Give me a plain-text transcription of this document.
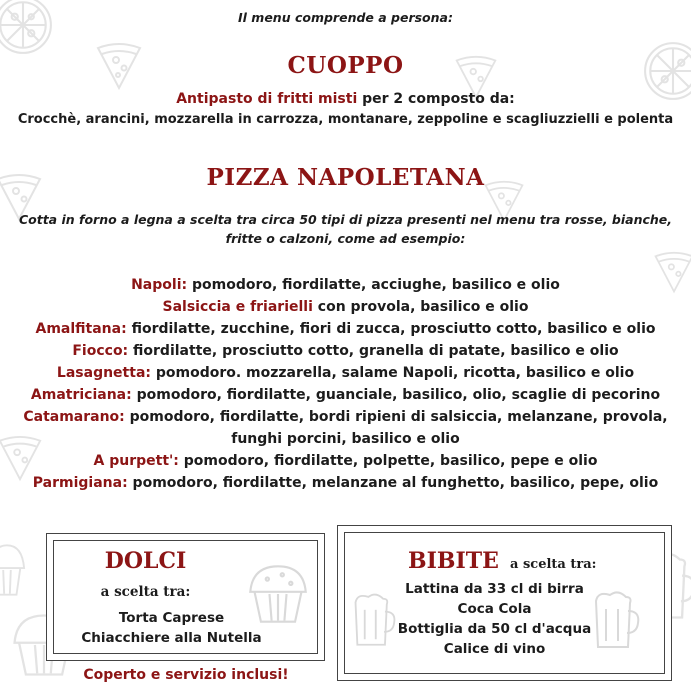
Il menu comprende a persona:
CUOPPO
Antipasto di fritti misti per 2 composto da:
Crocchè, arancini, mozzarella in carrozza, montanare, zeppoline e scagliuzzielli e polenta
PIZZA NAPOLETANA
Cotta in forno a legna a scelta tra circa 50 tipi di pizza presenti nel menu tra rosse, bianche,
fritte o calzoni, come ad esempio:
Napoli: pomodoro, fiordilatte, acciughe, basilico e olio
Salsiccia e friarielli con provola, basilico e olio
Amalfitana: fiordilatte, zucchine, fiori di zucca, prosciutto cotto, basilico e olio
Fiocco: fiordilatte, prosciutto cotto, granella di patate, basilico e olio
Lasagnetta: pomodoro. mozzarella, salame Napoli, ricotta, basilico e olio
Amatriciana: pomodoro, fiordilatte, guanciale, basilico, olio, scaglie di pecorino
Catamarano: pomodoro, fiordilatte, bordi ripieni di salsiccia, melanzane, provola,
funghi porcini, basilico e olio
A purpett': pomodoro, fiordilatte, polpette, basilico, pepe e olio
Parmigiana: pomodoro, fiordilatte, melanzane al funghetto, basilico, pepe, olio
DOLCI
a scelta tra:
Torta Caprese
Chiacchiere alla Nutella
BIBITE a scelta tra:
Lattina da 33 cl di birra
Coca Cola
Bottiglia da 50 cl d'acqua
Calice di vino
Coperto e servizio inclusi!
